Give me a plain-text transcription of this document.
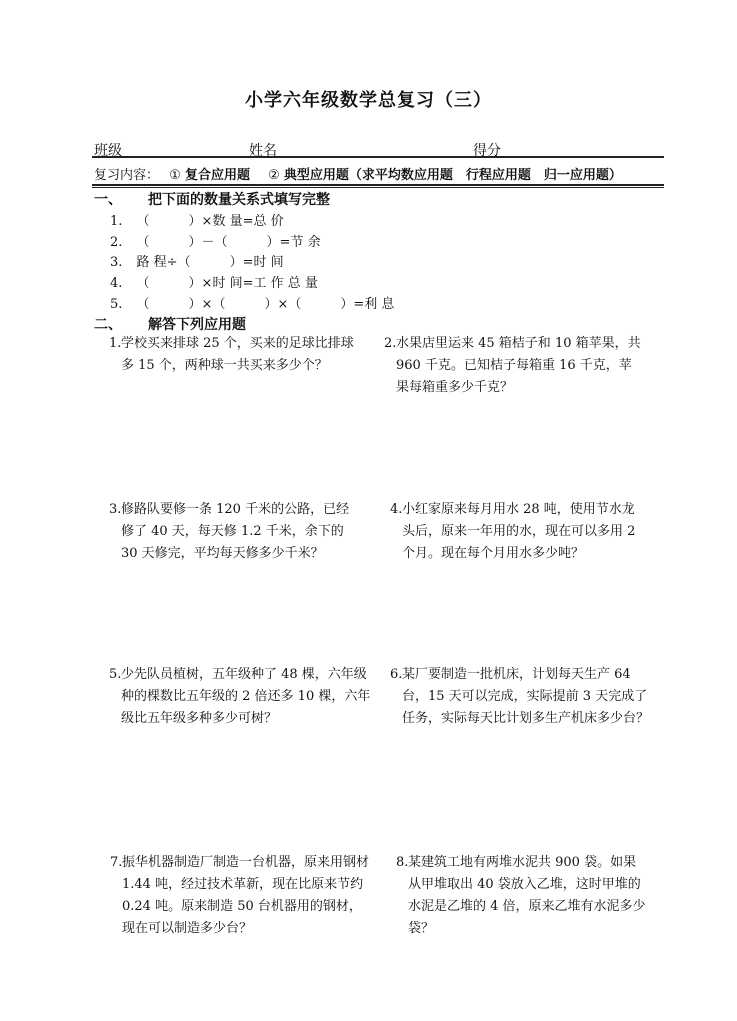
小学六年级数学总复习（三）
班级	姓名	得分
复习内容： ① 复合应用题 ② 典型应用题（求平均数应用题　行程应用题　归一应用题）
一、 把下面的数量关系式填写完整
1. （　　　）×数 量=总 价
2. （　　　）－（　　　）=节 余
3. 路 程÷（　　　）=时 间
4. （　　　）×时 间=工 作 总 量
5. （　　　）×（　　　）×（　　　）=利 息
二、 解答下列应用题
1. 学校买来排球 25 个，买来的足球比排球多 15 个，两种球一共买来多少个？
2. 水果店里运来 45 箱桔子和 10 箱苹果，共 960 千克。已知桔子每箱重 16 千克，苹果每箱重多少千克？
3. 修路队要修一条 120 千米的公路，已经修了 40 天，每天修 1.2 千米，余下的 30 天修完，平均每天修多少千米？
4. 小红家原来每月用水 28 吨，使用节水龙头后，原来一年用的水，现在可以多用 2 个月。现在每个月用水多少吨？
5. 少先队员植树，五年级种了 48 棵，六年级种的棵数比五年级的 2 倍还多 10 棵，六年级比五年级多种多少可树？
6. 某厂要制造一批机床，计划每天生产 64 台，15 天可以完成，实际提前 3 天完成了任务，实际每天比计划多生产机床多少台？
7. 振华机器制造厂制造一台机器，原来用钢材 1.44 吨，经过技术革新，现在比原来节约 0.24 吨。原来制造 50 台机器用的钢材，现在可以制造多少台？
8. 某建筑工地有两堆水泥共 900 袋。如果从甲堆取出 40 袋放入乙堆，这时甲堆的水泥是乙堆的 4 倍，原来乙堆有水泥多少袋？
